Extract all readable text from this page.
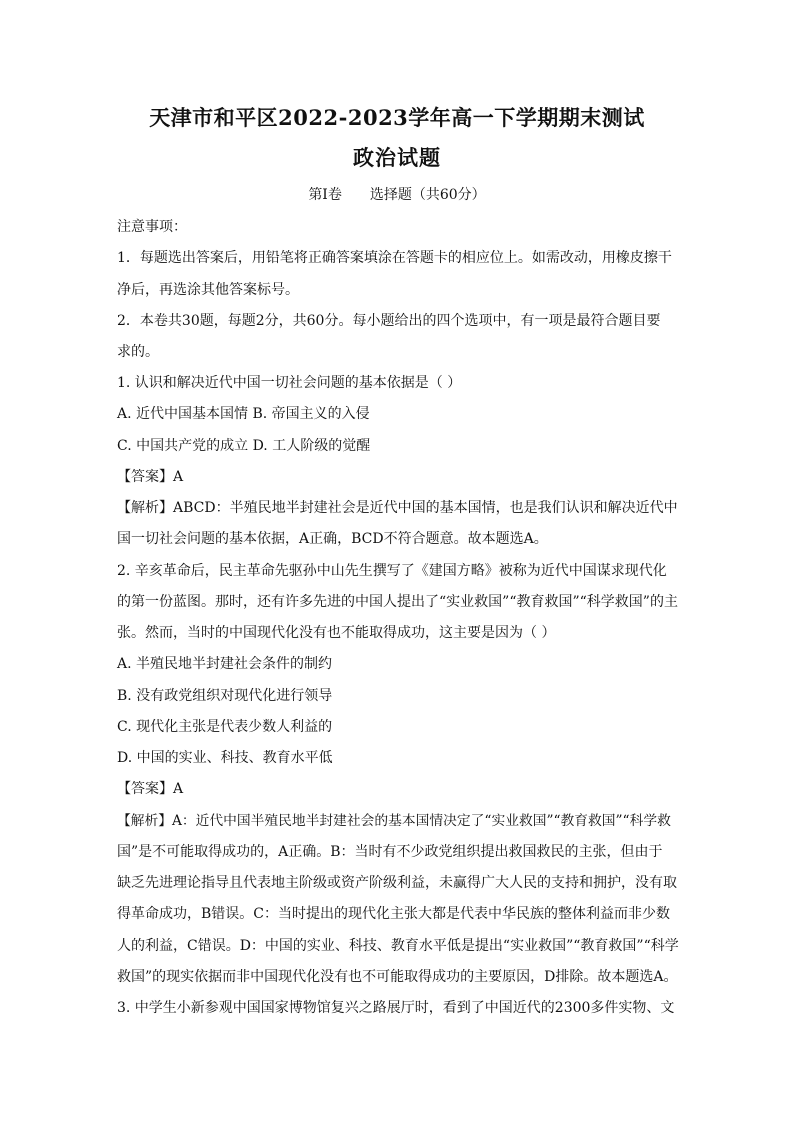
天津市和平区2022-2023学年高一下学期期末测试
政治试题
第I卷 选择题（共60分）
注意事项：
1．每题选出答案后，用铅笔将正确答案填涂在答题卡的相应位上。如需改动，用橡皮擦干
净后，再选涂其他答案标号。
2．本卷共30题，每题2分，共60分。每小题给出的四个选项中，有一项是最符合题目要
求的。
1. 认识和解决近代中国一切社会问题的基本依据是（ ）
A. 近代中国基本国情 B. 帝国主义的入侵
C. 中国共产党的成立 D. 工人阶级的觉醒
【答案】A
【解析】ABCD：半殖民地半封建社会是近代中国的基本国情，也是我们认识和解决近代中
国一切社会问题的基本依据，A正确，BCD不符合题意。故本题选A。
2. 辛亥革命后，民主革命先驱孙中山先生撰写了《建国方略》被称为近代中国谋求现代化
的第一份蓝图。那时，还有许多先进的中国人提出了“实业救国”“教育救国”“科学救国”的主
张。然而，当时的中国现代化没有也不能取得成功，这主要是因为（ ）
A. 半殖民地半封建社会条件的制约
B. 没有政党组织对现代化进行领导
C. 现代化主张是代表少数人利益的
D. 中国的实业、科技、教育水平低
【答案】A
【解析】A：近代中国半殖民地半封建社会的基本国情决定了“实业救国”“教育救国”“科学救
国”是不可能取得成功的，A正确。B：当时有不少政党组织提出救国救民的主张，但由于
缺乏先进理论指导且代表地主阶级或资产阶级利益，未赢得广大人民的支持和拥护，没有取
得革命成功，B错误。C：当时提出的现代化主张大都是代表中华民族的整体利益而非少数
人的利益，C错误。D：中国的实业、科技、教育水平低是提出“实业救国”“教育救国”“科学
救国”的现实依据而非中国现代化没有也不可能取得成功的主要原因，D排除。故本题选A。
3. 中学生小新参观中国国家博物馆复兴之路展厅时，看到了中国近代的2300多件实物、文
